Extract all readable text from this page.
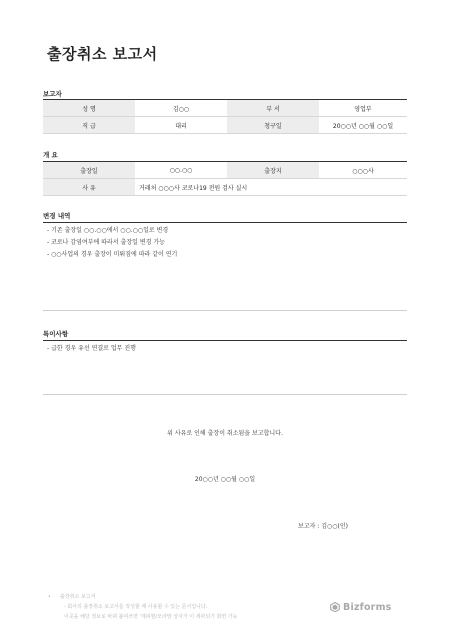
출장취소 보고서
보고자
성 명	김○○	부 서	영업부
직 급	대리	청구일	20○○년 ○○월 ○○일
개 요
출장일	○○.○○	출장지	○○○사
사 유	거래처 ○○○사 코로나19 전원 검사 실시		
변경 내역
- 기존 출장일 ○○.○○에서 ○○.○○일로 변경
- 코로나 감염여부에 따라서 출장일 변경 가능
- ○○사업의 경우 출장이 미뤄짐에 따라 같이 연기
특이사항
- 급한 경우 유선 연결로 업무 진행
위 사유로 인해 출장이 취소됨을 보고합니다.
20○○년 ○○월 ○○일
보고자 : 김○○(인)
• 출장취소 보고서
- 회사의 출장취소 보고서를 작성할 때 사용할 수 있는 문서입니다.
이곳을 해당 정보로 바꿔 붙여쓰면 '제피맨/모라맘 상자가 이 세파되기 화면 가능
Bizforms
